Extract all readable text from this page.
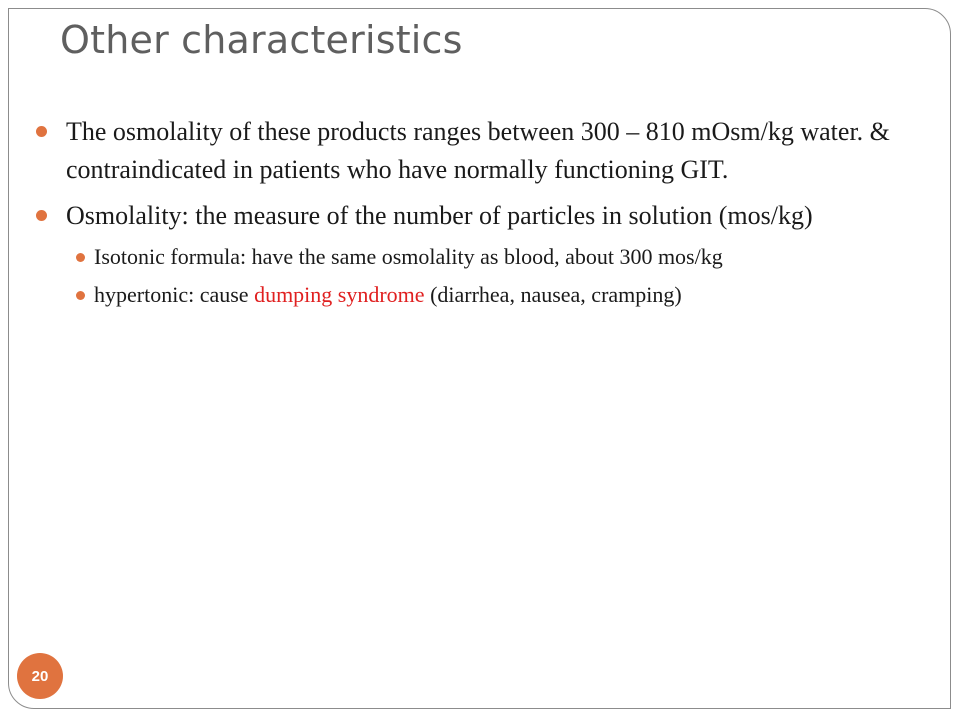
Other characteristics
The osmolality of these products ranges between 300 – 810 mOsm/kg water. & contraindicated in patients who have normally functioning GIT.
Osmolality: the measure of the number of particles in solution (mos/kg)
Isotonic formula: have the same osmolality as blood, about 300 mos/kg
hypertonic: cause dumping syndrome (diarrhea, nausea, cramping)
20
